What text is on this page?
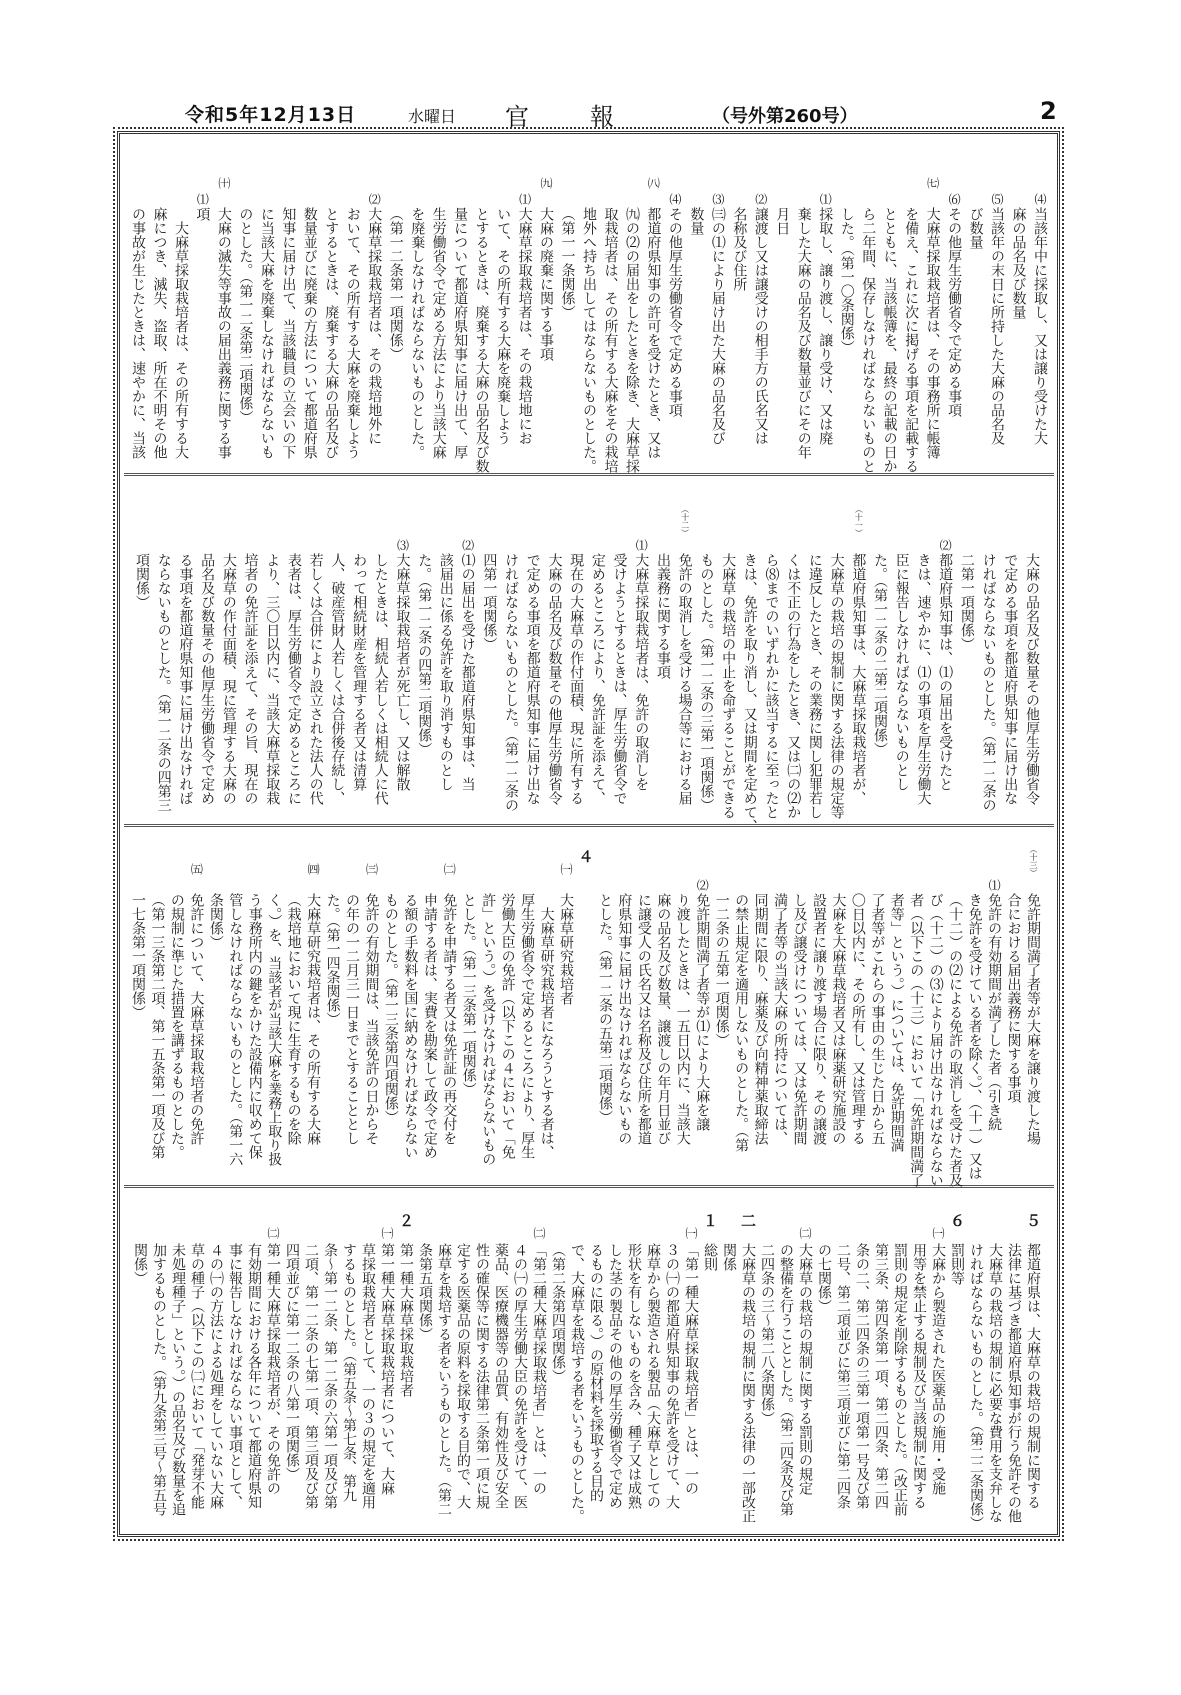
令和5年12月13日	水曜日 官	報	（号外第260号）	2
当該年中に採取し、又は譲り受けた大
⑷
麻の品名及び数量
当該年の末日に所持した大麻の品名及
⑸
び数量
その他厚生労働省令で定める事項
⑹
大麻草採取栽培者は、その事務所に帳簿
㈦
を備え、これに次に掲げる事項を記載する
とともに、当該帳簿を、最終の記載の日か
ら二年間、保存しなければならないものと
した。（第一〇条関係）
採取し、譲り渡し、譲り受け、又は廃
⑴
棄した大麻の品名及び数量並びにその年
月日
譲渡し又は譲受けの相手方の氏名又は
⑵
名称及び住所
㈢の⑴により届け出た大麻の品名及び
⑶
数量
その他厚生労働省令で定める事項
⑷
都道府県知事の許可を受けたとき、又は
㈧
㈨の⑵の届出をしたときを除き、大麻草採
取栽培者は、その所有する大麻をその栽培
地外へ持ち出してはならないものとした。
（第一一条関係）
大麻の廃棄に関する事項
㈨
大麻草採取栽培者は、その栽培地にお
⑴
いて、その所有する大麻を廃棄しよう
とするときは、廃棄する大麻の品名及び数
量について都道府県知事に届け出て、厚
生労働省令で定める方法により当該大麻
を廃棄しなければならないものとした。
（第一二条第一項関係）
大麻草採取栽培者は、その栽培地外に
⑵
おいて、その所有する大麻を廃棄しよう
とするときは、廃棄する大麻の品名及び
数量並びに廃棄の方法について都道府県
知事に届け出て、当該職員の立会いの下
に当該大麻を廃棄しなければならないも
のとした。（第一二条第二項関係）
大麻の滅失等事故の届出義務に関する事
㈩
項
⑴
　大麻草採取栽培者は、その所有する大
麻につき、滅失、盗取、所在不明その他
の事故が生じたときは、速やかに、当該
大麻の品名及び数量その他厚生労働省令
で定める事項を都道府県知事に届け出な
ければならないものとした。（第一二条の
二第一項関係）
都道府県知事は、⑴の届出を受けたと
⑵
きは、速やかに、⑴の事項を厚生労働大
臣に報告しなければならないものとし
た。（第一二条の二第二項関係）
都道府県知事は、大麻草採取栽培者が、
（十一）
大麻草の栽培の規制に関する法律の規定等
に違反したとき、その業務に関し犯罪若し
くは不正の行為をしたとき、又は㈡の⑵か
ら⑻までのいずれかに該当するに至ったと
きは、免許を取り消し、又は期間を定めて、
大麻草の栽培の中止を命ずることができる
ものとした。（第一二条の三第一項関係）
免許の取消しを受ける場合等における届
（十二）
出義務に関する事項
大麻草採取栽培者は、免許の取消しを
⑴
受けようとするときは、厚生労働省令で
定めるところにより、免許証を添えて、
現在の大麻草の作付面積、現に所有する
大麻の品名及び数量その他厚生労働省令
で定める事項を都道府県知事に届け出な
ければならないものとした。（第一二条の
四第一項関係）
⑴の届出を受けた都道府県知事は、当
⑵
該届出に係る免許を取り消すものとし
た。（第一二条の四第二項関係）
大麻草採取栽培者が死亡し、又は解散
⑶
したときは、相続人若しくは相続人に代
わって相続財産を管理する者又は清算
人、破産管財人若しくは合併後存続し、
若しくは合併により設立された法人の代
表者は、厚生労働省令で定めるところに
より、三〇日以内に、当該大麻草採取栽
培者の免許証を添えて、その旨、現在の
大麻草の作付面積、現に管理する大麻の
品名及び数量その他厚生労働省令で定め
る事項を都道府県知事に届け出なければ
ならないものとした。（第一二条の四第三
項関係）
免許期間満了者等が大麻を譲り渡した場
（十三）
合における届出義務に関する事項
免許の有効期間が満了した者（引き続
⑴
き免許を受けている者を除く。）、（十一）又は
（十二）の⑵による免許の取消しを受けた者及
び（十二）の⑶により届け出なければならない
者（以下この（十三）において「免許期間満了
者等」という。）については、免許期間満
了者等がこれらの事由の生じた日から五
〇日以内に、その所有し、又は管理する
大麻を大麻草栽培者又は麻薬研究施設の
設置者に譲り渡す場合に限り、その譲渡
し及び譲受けについては、又は免許期間
満了者等の当該大麻の所持については、
同期間に限り、麻薬及び向精神薬取締法
の禁止規定を適用しないものとした。（第
一二条の五第一項関係）
免許期間満了者等が⑴により大麻を譲
⑵
り渡したときは、一五日以内に、当該大
麻の品名及び数量、譲渡しの年月日並び
に譲受人の氏名又は名称及び住所を都道
府県知事に届け出なければならないもの
とした。（第一二条の五第二項関係）
４
大麻草研究栽培者
㈠
　大麻草研究栽培者になろうとする者は、
厚生労働省令で定めるところにより、厚生
労働大臣の免許（以下この４において「免
許」という。）を受けなければならないもの
とした。（第一三条第一項関係）
免許を申請する者又は免許証の再交付を
㈡
申請する者は、実費を勘案して政令で定め
る額の手数料を国に納めなければならない
ものとした。（第一三条第四項関係）
免許の有効期間は、当該免許の日からそ
㈢
の年の一二月三一日までとすることとし
た。（第一四条関係）
大麻草研究栽培者は、その所有する大麻
㈣
（栽培地において現に生育するものを除
く。）を、当該者が当該大麻を業務上取り扱
う事務所内の鍵をかけた設備内に収めて保
管しなければならないものとした。（第一六
条関係）
免許について、大麻草採取栽培者の免許
㈤
の規制に準じた措置を講ずるものとした。
（第一三条第二項、第一五条第一項及び第
一七条第一項関係）
都道府県は、大麻草の栽培の規制に関する
５
法律に基づき都道府県知事が行う免許その他
大麻草の栽培の規制に必要な費用を支弁しな
ければならないものとした。（第二二条関係）
罰則等
６
大麻から製造された医薬品の施用・受施
㈠
用等を禁止する規制及び当該規制に関する
罰則の規定を削除するものとした。（改正前
第三条、第四条第一項、第二四条、第二四
条の二、第二四条の三第一項第一号及び第
二号、第二項並びに第三項並びに第二四条
の七関係）
大麻草の栽培の規制に関する罰則の規定
㈡
の整備を行うこととした。（第二四条及び第
二四条の三～第二八条関係）
大麻草の栽培の規制に関する法律の一部改正
二
関係
総則
１
「第一種大麻草採取栽培者」とは、一の
㈠
３の㈠の都道府県知事の免許を受けて、大
麻草から製造される製品（大麻草としての
形状を有しないものを含み、種子又は成熟
した茎の製品その他の厚生労働省令で定め
るものに限る。）の原材料を採取する目的
で、大麻草を栽培する者をいうものとした。
（第二条第四項関係）
「第二種大麻草採取栽培者」とは、一の
㈡
４の㈠の厚生労働大臣の免許を受けて、医
薬品、医療機器等の品質、有効性及び安全
性の確保等に関する法律第二条第一項に規
定する医薬品の原料を採取する目的で、大
麻草を栽培する者をいうものとした。（第二
条第五項関係）
第一種大麻草採取栽培者
２
第一種大麻草採取栽培者について、大麻
㈠
草採取栽培者として、一の３の規定を適用
するものとした。（第五条～第七条、第九
条～第一二条、第一二条の六第一項及び第
二項、第一二条の七第一項、第三項及び第
四項並びに第一二条の八第一項関係）
第一種大麻草採取栽培者が、その免許の
㈡
有効期間における各年について都道府県知
事に報告しなければならない事項として、
４の㈠の方法による処理をしていない大麻
草の種子（以下この㈡において「発芽不能
未処理種子」という。）の品名及び数量を追
加するものとした。（第九条第三号～第五号
関係）
